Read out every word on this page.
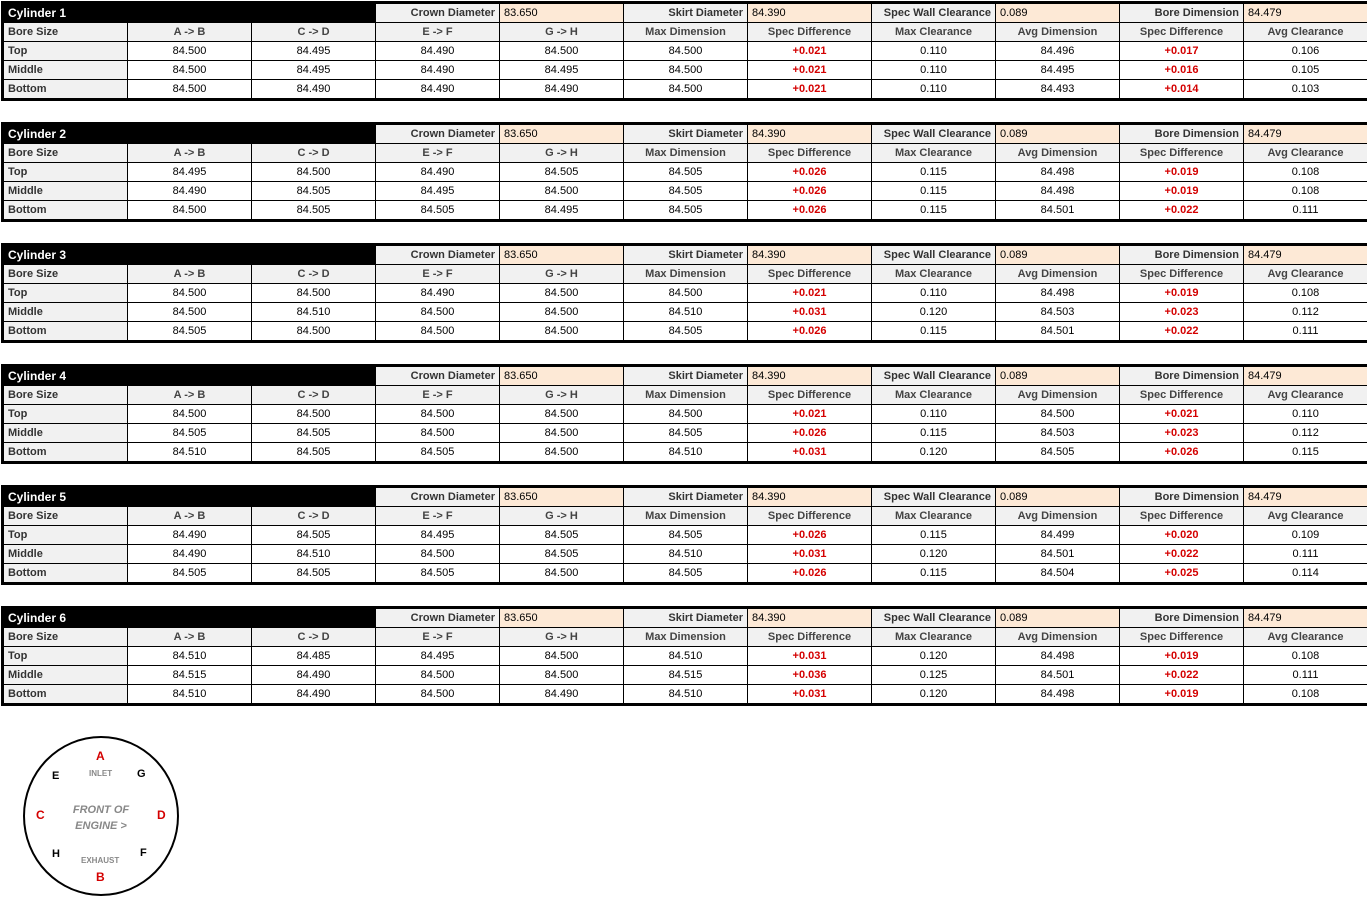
Cylinder 1			Crown Diameter	83.650	Skirt Diameter	84.390	Spec Wall Clearance	0.089	Bore Dimension	84.479
Bore Size	A -> B	C -> D	E -> F	G -> H	Max Dimension	Spec Difference	Max Clearance	Avg Dimension	Spec Difference	Avg Clearance
Top	84.500	84.495	84.490	84.500	84.500	+0.021	0.110	84.496	+0.017	0.106
Middle	84.500	84.495	84.490	84.495	84.500	+0.021	0.110	84.495	+0.016	0.105
Bottom	84.500	84.490	84.490	84.490	84.500	+0.021	0.110	84.493	+0.014	0.103
Cylinder 2			Crown Diameter	83.650	Skirt Diameter	84.390	Spec Wall Clearance	0.089	Bore Dimension	84.479
Bore Size	A -> B	C -> D	E -> F	G -> H	Max Dimension	Spec Difference	Max Clearance	Avg Dimension	Spec Difference	Avg Clearance
Top	84.495	84.500	84.490	84.505	84.505	+0.026	0.115	84.498	+0.019	0.108
Middle	84.490	84.505	84.495	84.500	84.505	+0.026	0.115	84.498	+0.019	0.108
Bottom	84.500	84.505	84.505	84.495	84.505	+0.026	0.115	84.501	+0.022	0.111
Cylinder 3			Crown Diameter	83.650	Skirt Diameter	84.390	Spec Wall Clearance	0.089	Bore Dimension	84.479
Bore Size	A -> B	C -> D	E -> F	G -> H	Max Dimension	Spec Difference	Max Clearance	Avg Dimension	Spec Difference	Avg Clearance
Top	84.500	84.500	84.490	84.500	84.500	+0.021	0.110	84.498	+0.019	0.108
Middle	84.500	84.510	84.500	84.500	84.510	+0.031	0.120	84.503	+0.023	0.112
Bottom	84.505	84.500	84.500	84.500	84.505	+0.026	0.115	84.501	+0.022	0.111
Cylinder 4			Crown Diameter	83.650	Skirt Diameter	84.390	Spec Wall Clearance	0.089	Bore Dimension	84.479
Bore Size	A -> B	C -> D	E -> F	G -> H	Max Dimension	Spec Difference	Max Clearance	Avg Dimension	Spec Difference	Avg Clearance
Top	84.500	84.500	84.500	84.500	84.500	+0.021	0.110	84.500	+0.021	0.110
Middle	84.505	84.505	84.500	84.500	84.505	+0.026	0.115	84.503	+0.023	0.112
Bottom	84.510	84.505	84.505	84.500	84.510	+0.031	0.120	84.505	+0.026	0.115
Cylinder 5			Crown Diameter	83.650	Skirt Diameter	84.390	Spec Wall Clearance	0.089	Bore Dimension	84.479
Bore Size	A -> B	C -> D	E -> F	G -> H	Max Dimension	Spec Difference	Max Clearance	Avg Dimension	Spec Difference	Avg Clearance
Top	84.490	84.505	84.495	84.505	84.505	+0.026	0.115	84.499	+0.020	0.109
Middle	84.490	84.510	84.500	84.505	84.510	+0.031	0.120	84.501	+0.022	0.111
Bottom	84.505	84.505	84.505	84.500	84.505	+0.026	0.115	84.504	+0.025	0.114
Cylinder 6			Crown Diameter	83.650	Skirt Diameter	84.390	Spec Wall Clearance	0.089	Bore Dimension	84.479
Bore Size	A -> B	C -> D	E -> F	G -> H	Max Dimension	Spec Difference	Max Clearance	Avg Dimension	Spec Difference	Avg Clearance
Top	84.510	84.485	84.495	84.500	84.510	+0.031	0.120	84.498	+0.019	0.108
Middle	84.515	84.490	84.500	84.500	84.515	+0.036	0.125	84.501	+0.022	0.111
Bottom	84.510	84.490	84.500	84.490	84.510	+0.031	0.120	84.498	+0.019	0.108
A
B
C	D
E
F
G
H
INLET
EXHAUST
FRONT OF
ENGINE >
